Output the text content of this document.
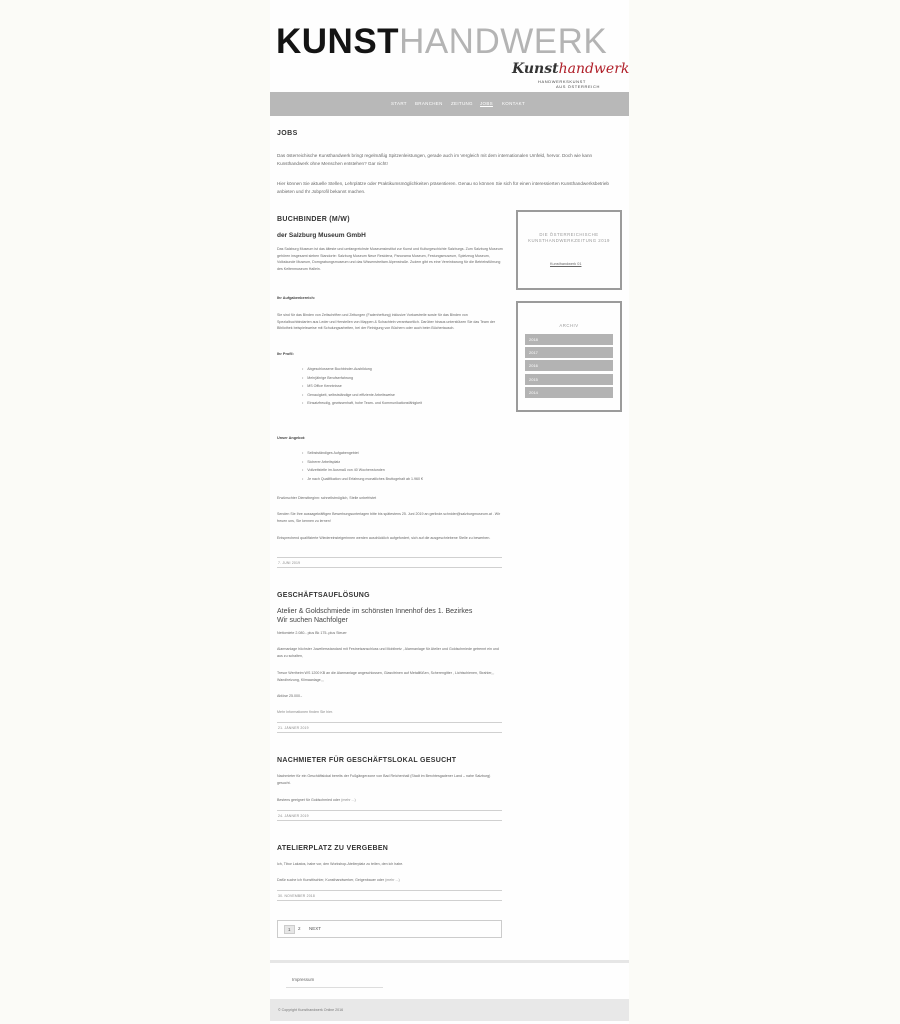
KUNSTHANDWERK
Kunsthandwerk
HANDWERKSKUNST
AUS ÖSTERREICH
START BRANCHEN ZEITUNG JOBS KONTAKT
JOBS

Das österreichische Kunsthandwerk bringt regelmäßig Spitzenleistungen, gerade auch im Vergleich mit dem internationalen Umfeld, hervor. Doch wie kann Kunsthandwerk ohne Menschen entstehen? Gar nicht!

Hier können Sie aktuelle Stellen, Lehrplätze oder Praktikumsmöglichkeiten präsentieren. Genau so können Sie sich für einen interessierten Kunsthandwerksbetrieb anbieten und Ihr Jobprofil bekannt machen.

BUCHBINDER (M/W)
der Salzburg Museum GmbH

Das Salzburg Museum ist das älteste und umfangreichste Museumsinstitut zur Kunst und Kulturgeschichte Salzburgs. Zum Salzburg Museum gehören insgesamt sieben Standorte: Salzburg Museum Neue Residenz, Panorama Museum, Festungsmuseum, Spielzeug Museum, Volkskunde Museum, Domgrabungsmuseum und das Wissenstreitam Alpenstraße. Zudem gibt es eine Vereinbarung für die Betriebsführung des Keltenmuseum Hallein.

Ihr Aufgabenbereich:

Sie sind für das Binden von Zeitschriften und Zeitungen (Fadenheftung) inklusive Vorkarstreile sowie für das Binden von Spezialbuchbindarten aus Leder und Herstellen von Mappen & Schachteln verantwortlich. Darüber hinaus unterstützen Sie das Team der Bibliothek beispielsweise mit Schulungsarbeiten, bei der Reinigung von Büchern oder auch beim Büchertausch.

Ihr Profil:
• Abgeschlossene Buchbinder-Ausbildung
• Mehrjährige Berufserfahrung
• MS Office Kenntnisse
• Genauigkeit, selbstständige und effiziente Arbeitsweise
• Einsatzfreudig, gewissenhaft, hohe Team- und Kommunikationsfähigkeit
Unser Angebot:
• Selbstständiges Aufgabengebiet
• Sicherer Arbeitsplatz
• Vollzeitstelle im Ausmaß von 40 Wochenstunden
• Je nach Qualifikation und Erfahrung monatliches Bruttogehalt ab 1.960 €

Erwünschter Dienstbeginn: schnellstmöglich, Stelle unbefristet

Senden Sie Ihre aussagekräftigen Bewerbungsunterlagen bitte bis spätestens 25. Juni 2019 an gerlinde.schnider@salzburgmuseum.at . Wir freuen uns, Sie kennen zu lernen!

Entsprechend qualifizierte Wiedereinsteigerinnen werden ausdrücklich aufgefordert, sich auf die ausgeschriebene Stelle zu bewerben.

7. JUNI 2019
GESCHÄFTSAUFLÖSUNG
Atelier & Goldschmiede im schönsten Innenhof des 1. Bezirkes
Wir suchen Nachfolger

Nettomiete 2.080.- plus Bk 175.-plus Steuer

Alarmanlage höchster Juweliersstandard mit Festnetzanschluss und Mobilnetz , Alarmanlage für Atelier und Goldschmiede getrennt ein und aus zu schalten,

Tresor Wertheim WS 1200 KB an die Alarmanlage angeschlossen, Glasvitrinen auf Metallfüßen, Scherengitter , Lichtschienen, Strahler,,, Wandheizung, Klimaanlage,,,

Ablöse 25.000.-

Mehr Informationen finden Sie hier.

21. JÄNNER 2019
NACHMIETER FÜR GESCHÄFTSLOKAL GESUCHT

Nachmieter für ein Geschäftslokal bereits der Fußgängerzone von Bad Reichenhall (Stadt im Berchtesgadener Land – nahe Salzburg) gesucht.

Bestens geeignet für Goldschmied oder (mehr ...)

24. JÄNNER 2019
ATELIERPLATZ ZU VERGEBEN

Ich, Tibor Lakatos, habe vor, den Workshop-Atelierplatz zu teilen, den ich habe.

Dafür suche ich Kunsttischler, Kunsthandwerker, Geigenbauer oder (mehr ...)

30. NOVEMBER 2018
1	2 NEXT
DIE ÖSTERREICHISCHE KUNSTHANDWERKZEITUNG 2019
Kunsthandwerk 01
ARCHIV
2018
2017
2016
2015
2014
Impressum
© Copyright Kunsthandwerk Online 2016
